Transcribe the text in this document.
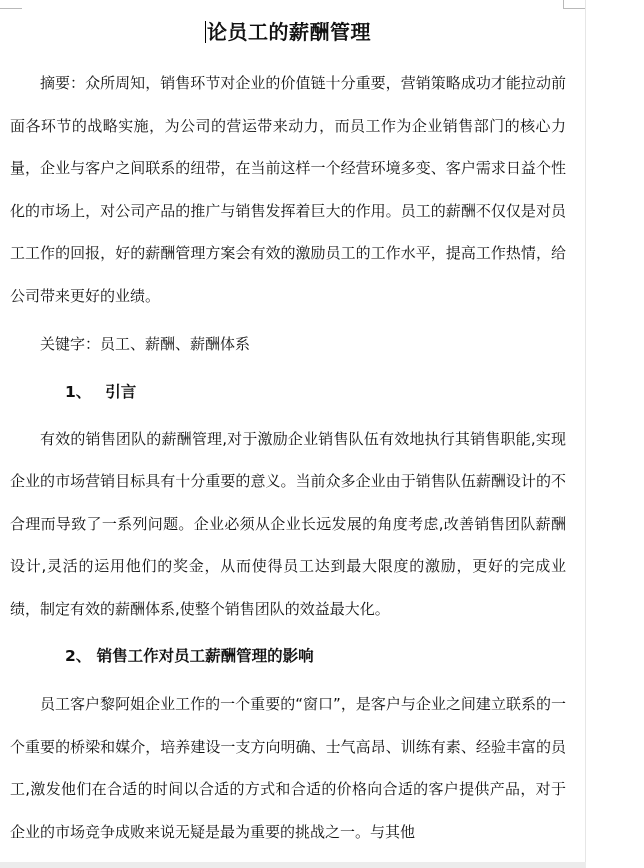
论员工的薪酬管理

摘要：众所周知，销售环节对企业的价值链十分重要，营销策略成功才能拉动前面各环节的战略实施，为公司的营运带来动力，而员工作为企业销售部门的核心力量，企业与客户之间联系的纽带，在当前这样一个经营环境多变、客户需求日益个性化的市场上，对公司产品的推广与销售发挥着巨大的作用。员工的薪酬不仅仅是对员工工作的回报，好的薪酬管理方案会有效的激励员工的工作水平，提高工作热情，给公司带来更好的业绩。

关键字：员工、薪酬、薪酬体系

1、 引言

有效的销售团队的薪酬管理,对于激励企业销售队伍有效地执行其销售职能,实现企业的市场营销目标具有十分重要的意义。当前众多企业由于销售队伍薪酬设计的不合理而导致了一系列问题。企业必须从企业长远发展的角度考虑,改善销售团队薪酬设计,灵活的运用他们的奖金，从而使得员工达到最大限度的激励，更好的完成业绩，制定有效的薪酬体系,使整个销售团队的效益最大化。

2、 销售工作对员工薪酬管理的影响

员工客户黎阿姐企业工作的一个重要的“窗口”，是客户与企业之间建立联系的一个重要的桥梁和媒介，培养建设一支方向明确、士气高昂、训练有素、经验丰富的员工,激发他们在合适的时间以合适的方式和合适的价格向合适的客户提供产品，对于企业的市场竞争成败来说无疑是最为重要的挑战之一。与其他
